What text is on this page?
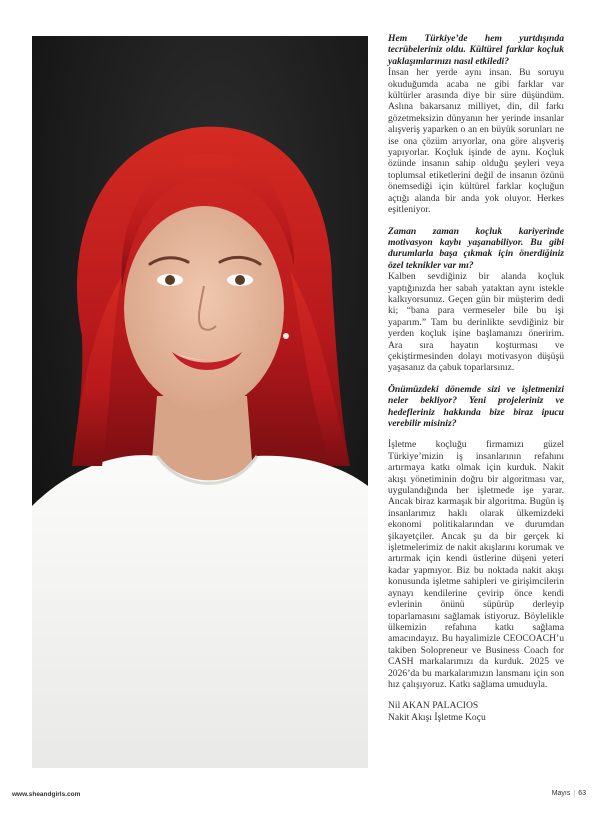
Hem Türkiye’de hem yurtdışında tecrübeleriniz oldu. Kültürel farklar koçluk yaklaşımlarınızı nasıl etkiledi?

İnsan her yerde aynı insan. Bu soruyu okuduğumda acaba ne gibi farklar var kültürler arasında diye bir süre düşündüm. Aslına bakarsanız milliyet, din, dil farkı gözetmeksizin dünyanın her yerinde insanlar alışveriş yaparken o an en büyük sorunları ne ise ona çözüm arıyorlar, ona göre alışveriş yapıyorlar. Koçluk işinde de aynı. Koçluk özünde insanın sahip olduğu şeyleri veya toplumsal etiketlerini değil de insanın özünü önemsediği için kültürel farklar koçluğun açtığı alanda bir anda yok oluyor. Herkes eşitleniyor.

Zaman zaman koçluk kariyerinde motivasyon kaybı yaşanabiliyor. Bu gibi durumlarla başa çıkmak için önerdiğiniz özel teknikler var mı?

Kalben sevdiğiniz bir alanda koçluk yaptığınızda her sabah yataktan aynı istekle kalkıyorsunuz. Geçen gün bir müşterim dedi ki; “bana para vermeseler bile bu işi yaparım.” Tam bu derinlikte sevdiğiniz bir yerden koçluk işine başlamanızı öneririm. Ara sıra hayatın koşturması ve çekiştirmesinden dolayı motivasyon düşüşü yaşasanız da çabuk toparlarsınız.

Önümüzdeki dönemde sizi ve işletmenizi neler bekliyor? Yeni projeleriniz ve hedefleriniz hakkında bize biraz ipucu verebilir misiniz?

İşletme koçluğu firmamızı güzel Türkiye’mizin iş insanlarının refahını artırmaya katkı olmak için kurduk. Nakit akışı yönetiminin doğru bir algoritması var, uygulandığında her işletmede işe yarar. Ancak biraz karmaşık bir algoritma. Bugün iş insanlarımız haklı olarak ülkemizdeki ekonomi politikalarından ve durumdan şikayetçiler. Ancak şu da bir gerçek ki işletmelerimiz de nakit akışlarını korumak ve artırmak için kendi üstlerine düşeni yeteri kadar yapmıyor. Biz bu noktada nakit akışı konusunda işletme sahipleri ve girişimcilerin aynayı kendilerine çevirip önce kendi evlerinin önünü süpürüp derleyip toparlamasını sağlamak istiyoruz. Böylelikle ülkemizin refahına katkı sağlama amacındayız. Bu hayalimizle CEOCOACH’u takiben Solopreneur ve Business Coach for CASH markalarımızı da kurduk. 2025 ve 2026’da bu markalarımızın lansmanı için son hız çalışıyoruz. Katkı sağlama umuduyla.

Nil AKAN PALACIOS

Nakit Akışı İşletme Koçu

www.sheandgirls.com	Mayıs | 63
